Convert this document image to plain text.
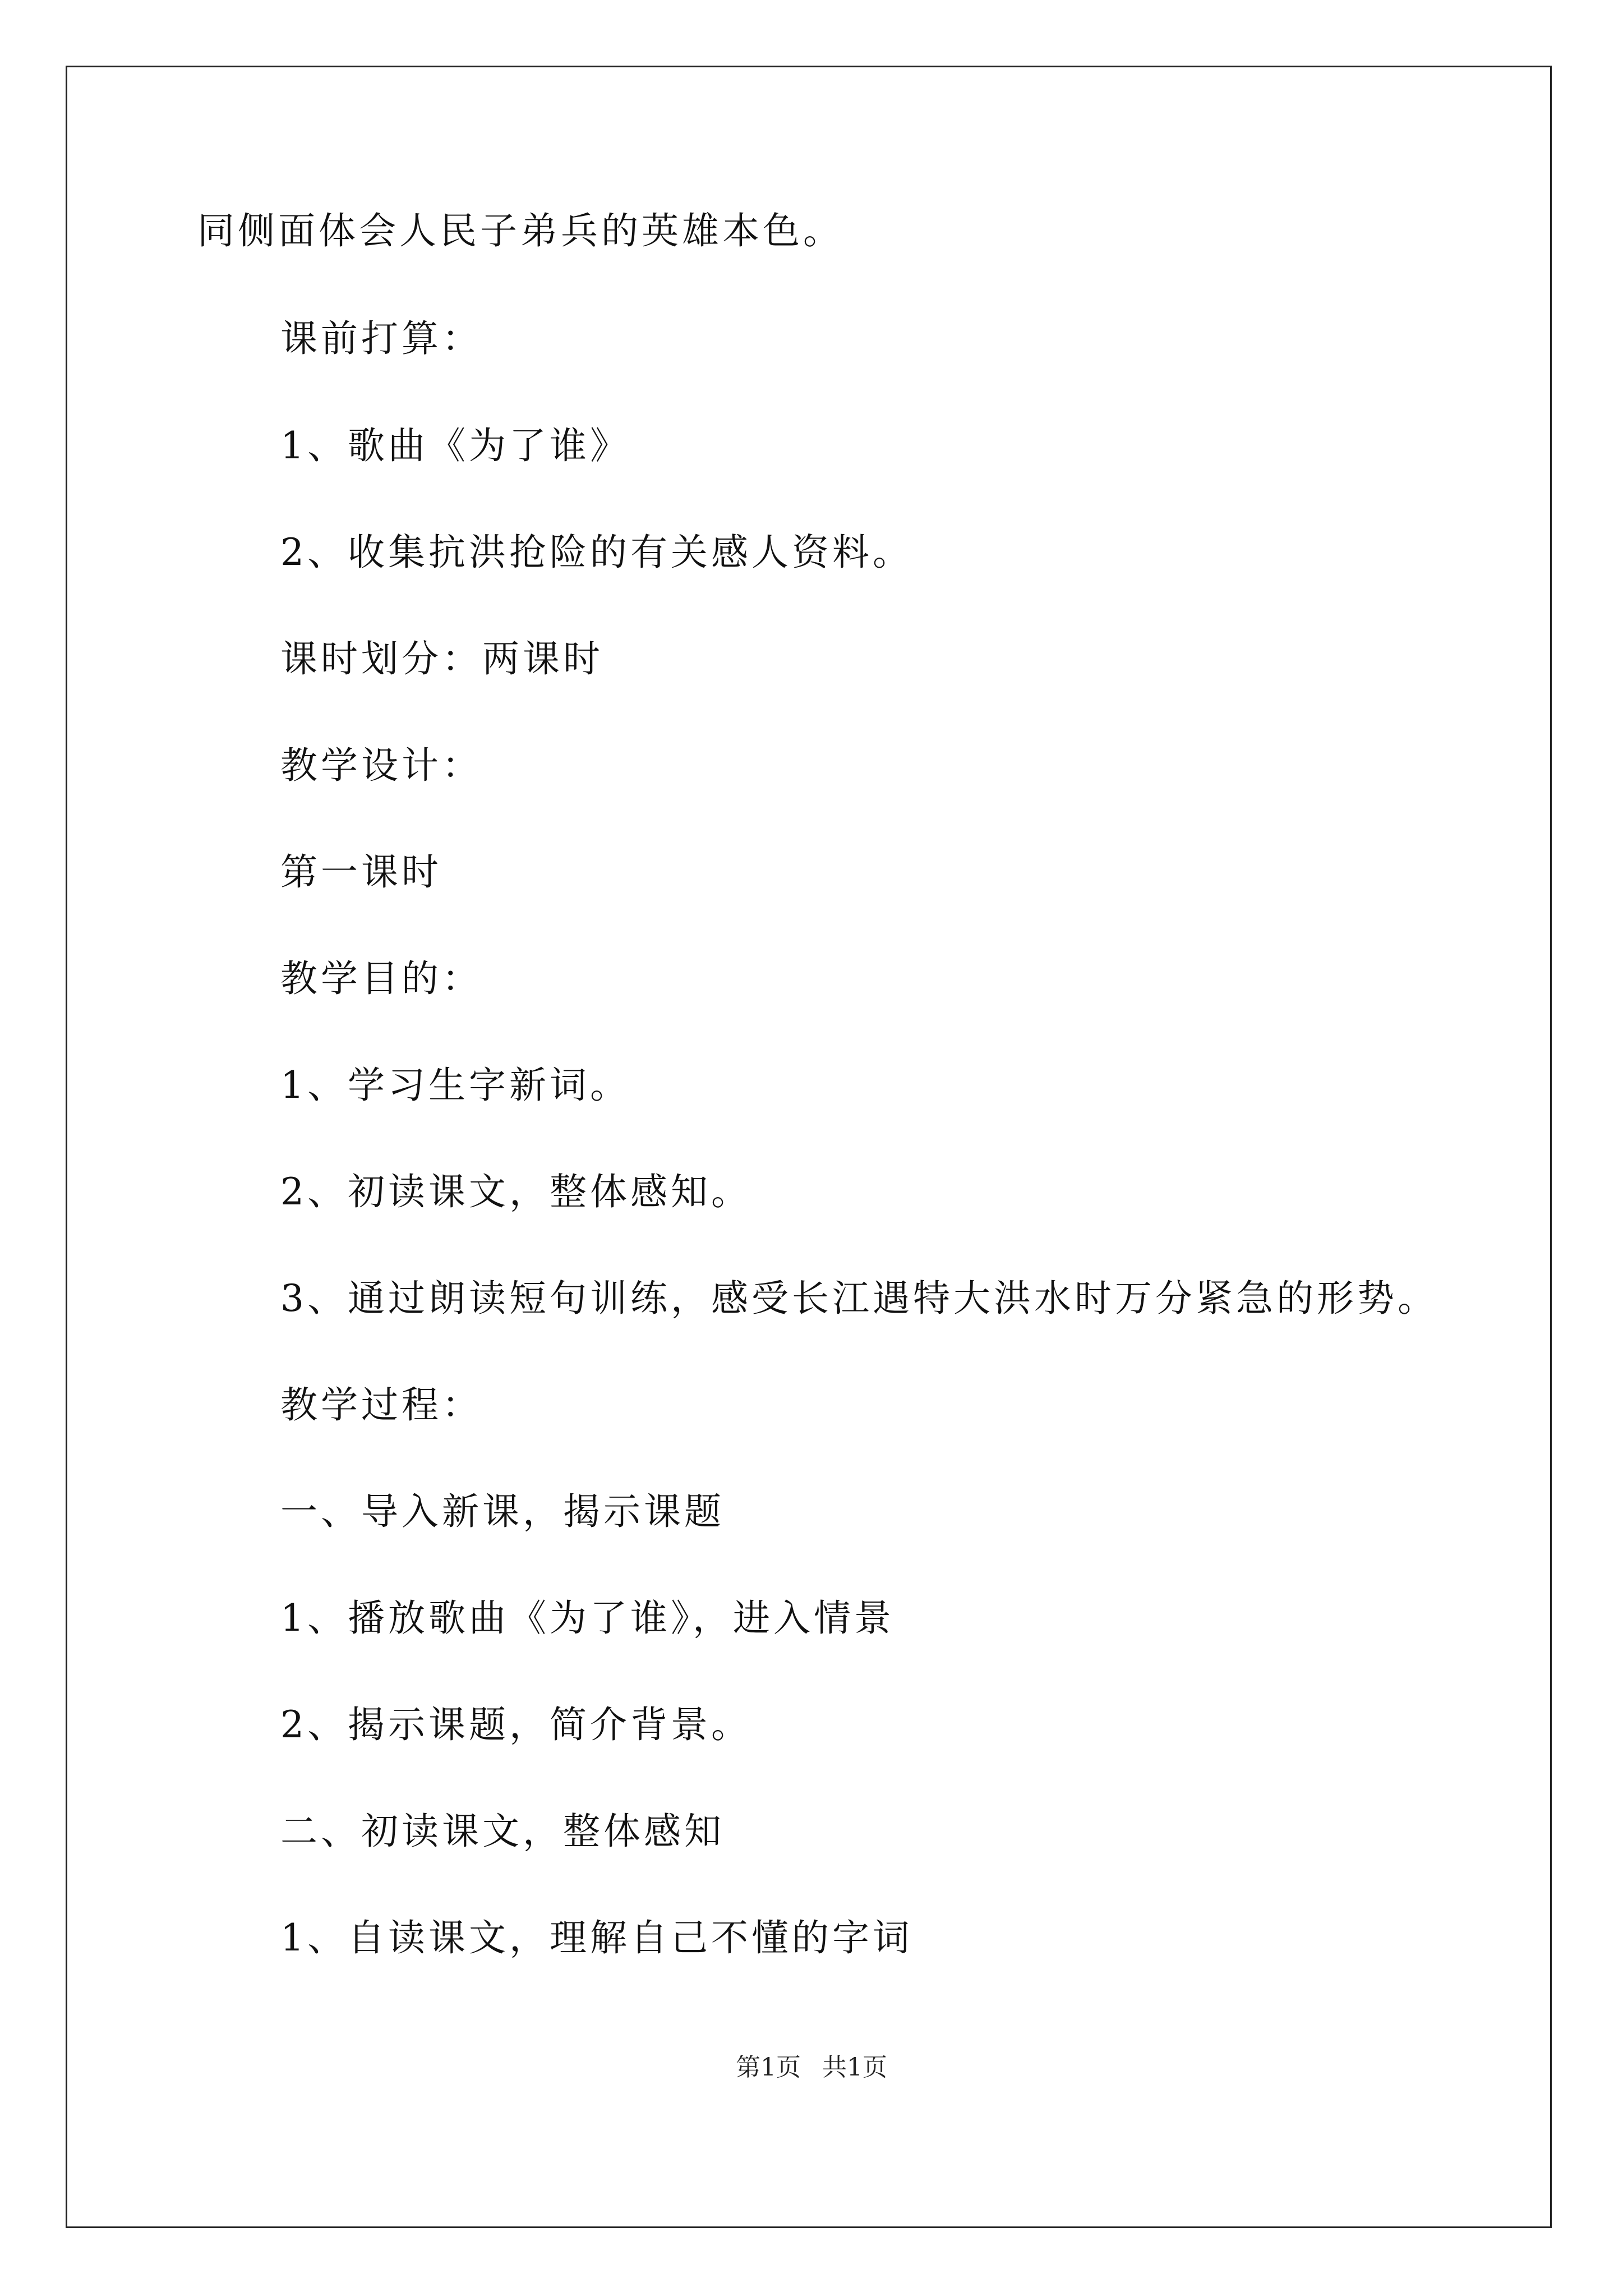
同侧面体会人民子弟兵的英雄本色。
课前打算：
1、歌曲《为了谁》
2、收集抗洪抢险的有关感人资料。
课时划分：两课时
教学设计：
第一课时
教学目的：
1、学习生字新词。
2、初读课文，整体感知。
3、通过朗读短句训练，感受长江遇特大洪水时万分紧急的形势。
教学过程：
一、导入新课，揭示课题
1、播放歌曲《为了谁》，进入情景
2、揭示课题，简介背景。
二、初读课文，整体感知
1、自读课文，理解自己不懂的字词
第1页 共1页
